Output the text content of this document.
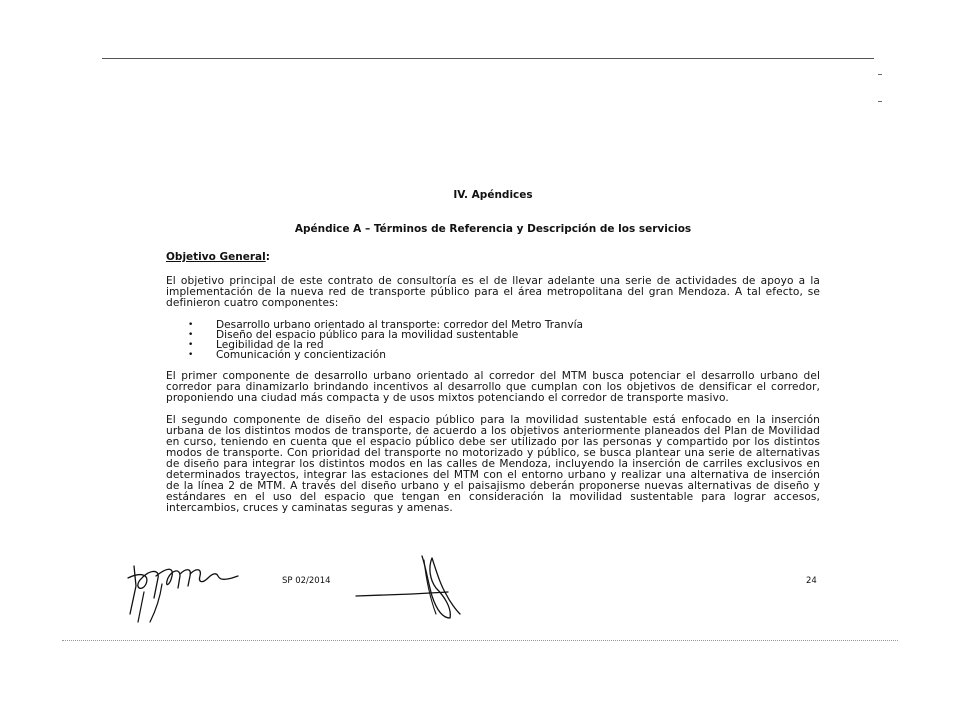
IV. Apéndices

Apéndice A – Términos de Referencia y Descripción de los servicios

Objetivo General:

El objetivo principal de este contrato de consultoría es el de llevar adelante una serie de actividades de apoyo a la implementación de la nueva red de transporte público para el área metropolitana del gran Mendoza. A tal efecto, se definieron cuatro componentes:

• Desarrollo urbano orientado al transporte: corredor del Metro Tranvía
• Diseño del espacio público para la movilidad sustentable
• Legibilidad de la red
• Comunicación y concientización

El primer componente de desarrollo urbano orientado al corredor del MTM busca potenciar el desarrollo urbano del corredor para dinamizarlo brindando incentivos al desarrollo que cumplan con los objetivos de densificar el corredor, proponiendo una ciudad más compacta y de usos mixtos potenciando el corredor de transporte masivo.

El segundo componente de diseño del espacio público para la movilidad sustentable está enfocado en la inserción urbana de los distintos modos de transporte, de acuerdo a los objetivos anteriormente planeados del Plan de Movilidad en curso, teniendo en cuenta que el espacio público debe ser utilizado por las personas y compartido por los distintos modos de transporte. Con prioridad del transporte no motorizado y público, se busca plantear una serie de alternativas de diseño para integrar los distintos modos en las calles de Mendoza, incluyendo la inserción de carriles exclusivos en determinados trayectos, integrar las estaciones del MTM con el entorno urbano y realizar una alternativa de inserción de la línea 2 de MTM. A través del diseño urbano y el paisajismo deberán proponerse nuevas alternativas de diseño y estándares en el uso del espacio que tengan en consideración la movilidad sustentable para lograr accesos, intercambios, cruces y caminatas seguras y amenas.

SP 02/2014	24
